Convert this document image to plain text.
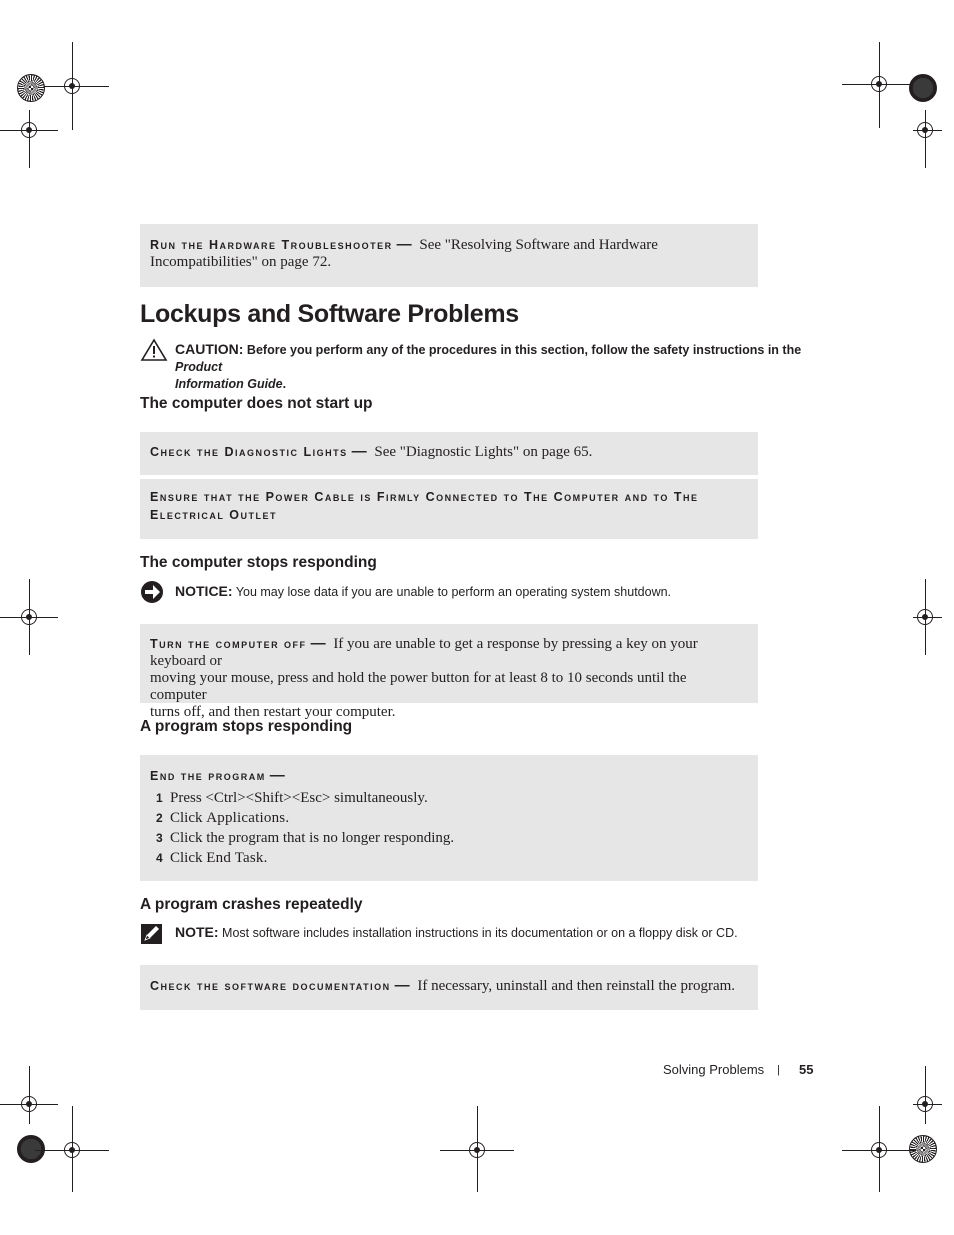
Run the Hardware Troubleshooter — See "Resolving Software and Hardware Incompatibilities" on page 72.
Lockups and Software Problems
CAUTION: Before you perform any of the procedures in this section, follow the safety instructions in the Product
Information Guide.
The computer does not start up
Check the Diagnostic Lights — See "Diagnostic Lights" on page 65.
Ensure that the Power Cable is Firmly Connected to The Computer and to The
Electrical Outlet
The computer stops responding
NOTICE: You may lose data if you are unable to perform an operating system shutdown.
Turn the computer off — If you are unable to get a response by pressing a key on your keyboard or
moving your mouse, press and hold the power button for at least 8 to 10 seconds until the computer
turns off, and then restart your computer.
A program stops responding
End the program —
1 Press <Ctrl><Shift><Esc> simultaneously.
2 Click Applications.
3 Click the program that is no longer responding.
4 Click End Task.
A program crashes repeatedly
NOTE: Most software includes installation instructions in its documentation or on a floppy disk or CD.
Check the software documentation — If necessary, uninstall and then reinstall the program.
Solving Problems | 55
